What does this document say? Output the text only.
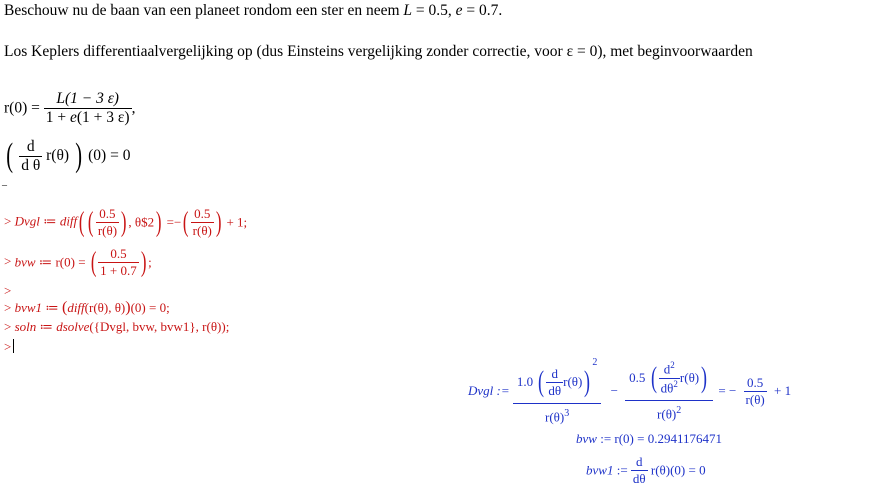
Beschouw nu de baan van een planeet rondom een ster en neem L = 0.5, e = 0.7.
Los Keplers differentiaalvergelijking op (dus Einsteins vergelijking zonder correctie, voor ε = 0), met beginvoorwaarden
$r(0) = \frac{L(1 - 3 \varepsilon)}{1 + e(1 + 3 \varepsilon)}$ ,
( $\frac{d}{\text{d θ}} r(\theta)$ ) (0) = 0
_
> Dvgl ≔ diff( ( $\frac{0.5}{r(\theta)}$ ) , θ$2) =−( $\frac{0.5}{r(\theta)}$ ) + 1;
> bvw ≔ r(0) = ( $\frac{0.5}{1 + 0.7}$ ) ;
>
> bvw1 ≔ (diff(r(θ), θ))(0) = 0;
> soln ≔ dsolve({Dvgl, bvw, bvw1}, r(θ));
>
Dvgl := $\frac{1.0 ( \frac{d}{d\theta} r(\theta))^2}{r(\theta)^3} - \frac{0.5 ( \frac{d^2}{d\theta^2} r(\theta))}{r(\theta)^2}$ = − $\frac{0.5}{r(\theta)} + 1$
bvw := r(0) = 0.2941176471
bvw1 := $\frac{d}{d\theta} r(\theta)(0) = 0$
